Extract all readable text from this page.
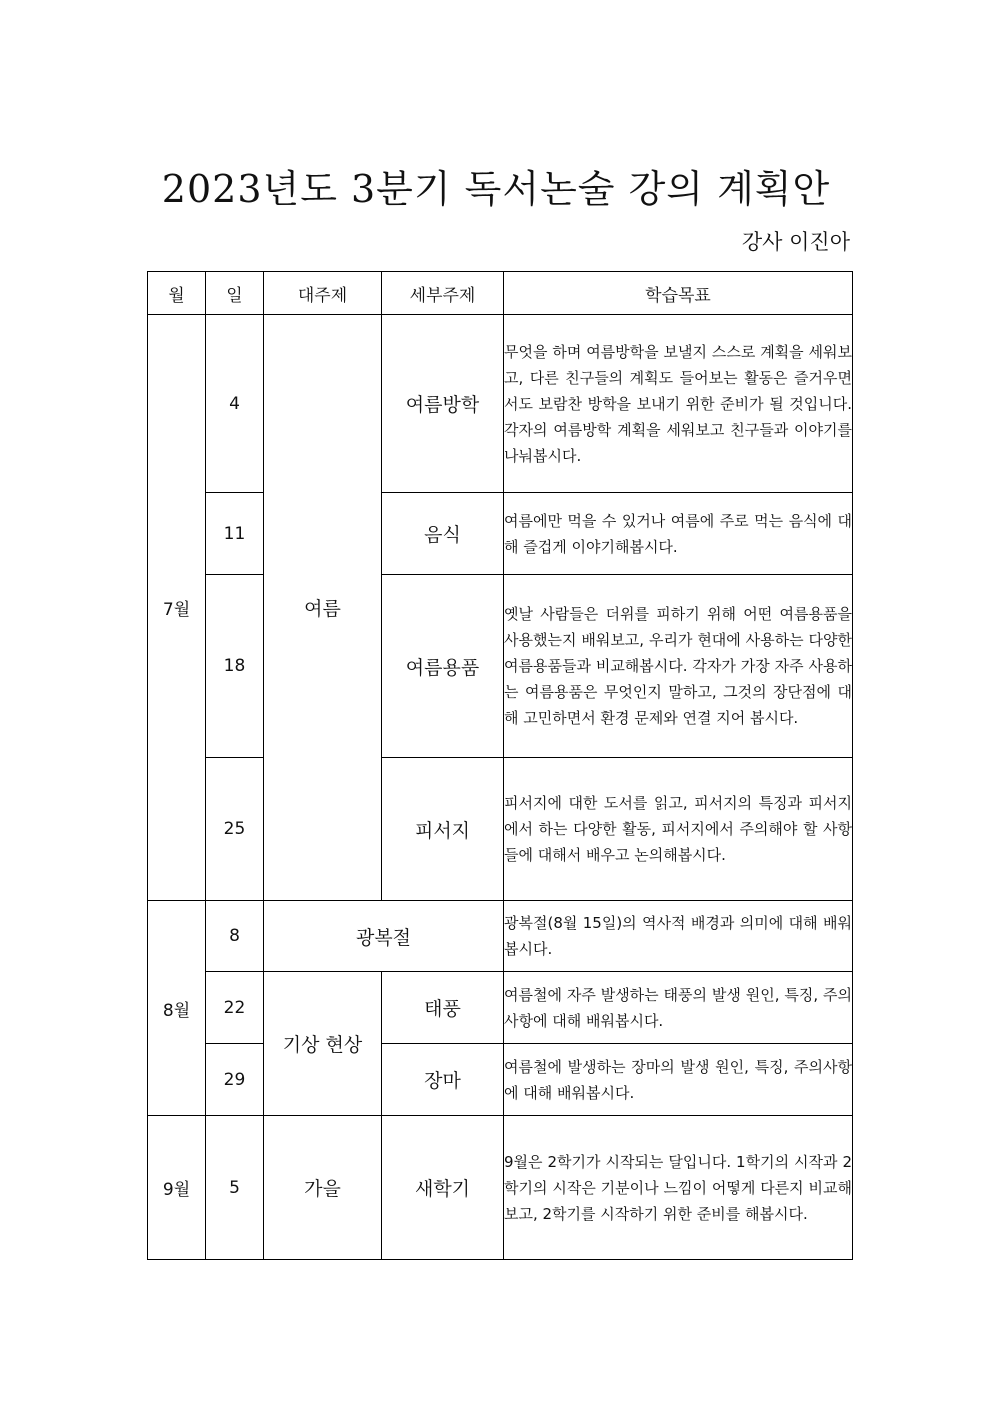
2023년도 3분기 독서논술 강의 계획안
강사 이진아
월	일	대주제	세부주제	학습목표
7월	4	여름	여름방학	무엇을 하며 여름방학을 보낼지 스스로 계획을 세워보고, 다른 친구들의 계획도 들어보는 활동은 즐거우면서도 보람찬 방학을 보내기 위한 준비가 될 것입니다. 각자의 여름방학 계획을 세워보고 친구들과 이야기를 나눠봅시다.
	11		음식	여름에만 먹을 수 있거나 여름에 주로 먹는 음식에 대해 즐겁게 이야기해봅시다.
	18		여름용품	옛날 사람들은 더위를 피하기 위해 어떤 여름용품을 사용했는지 배워보고, 우리가 현대에 사용하는 다양한 여름용품들과 비교해봅시다. 각자가 가장 자주 사용하는 여름용품은 무엇인지 말하고, 그것의 장단점에 대해 고민하면서 환경 문제와 연결 지어 봅시다.
	25		피서지	피서지에 대한 도서를 읽고, 피서지의 특징과 피서지에서 하는 다양한 활동, 피서지에서 주의해야 할 사항들에 대해서 배우고 논의해봅시다.
8월	8	광복절		광복절(8월 15일)의 역사적 배경과 의미에 대해 배워봅시다.
	22	기상 현상	태풍	여름철에 자주 발생하는 태풍의 발생 원인, 특징, 주의사항에 대해 배워봅시다.
	29		장마	여름철에 발생하는 장마의 발생 원인, 특징, 주의사항에 대해 배워봅시다.
9월	5	가을	새학기	9월은 2학기가 시작되는 달입니다. 1학기의 시작과 2학기의 시작은 기분이나 느낌이 어떻게 다른지 비교해보고, 2학기를 시작하기 위한 준비를 해봅시다.
